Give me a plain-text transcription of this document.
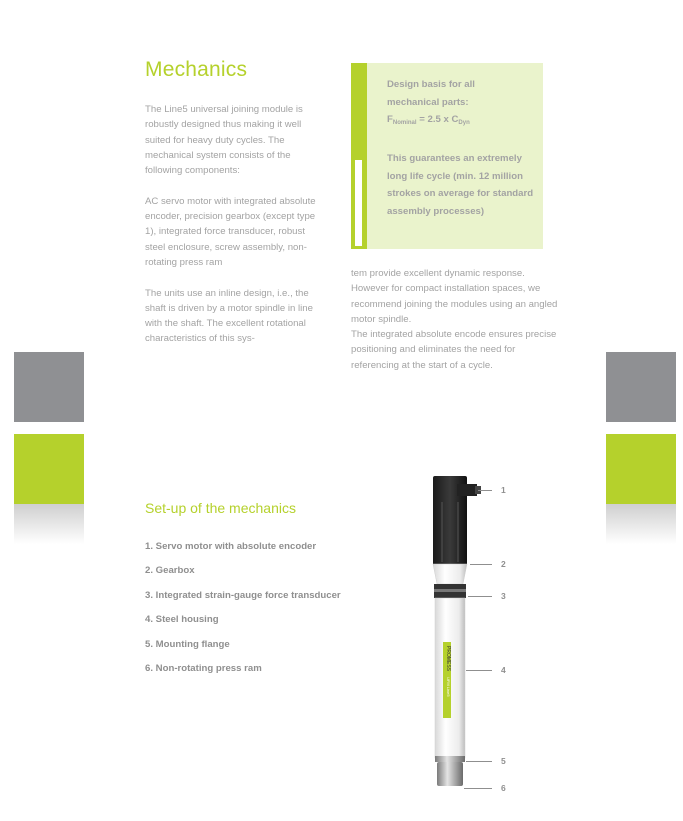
Mechanics

The Line5 universal joining module is robustly designed thus making it well suited for heavy duty cycles. The mechanical system consists of the following components:

AC servo motor with integrated absolute encoder, precision gearbox (except type 1), integrated force transducer, robust steel enclosure, screw assembly, non-rotating press ram

The units use an inline design, i.e., the shaft is driven by a motor spindle in line with the shaft. The excellent rotational characteristics of this sys-

Design basis for all

mechanical parts:

$F_{Nominal} = 2.5$ x $C_{Dyn}$

This guarantees an extremely long life cycle (min. 12 million strokes on average for standard assembly processes)

tem provide excellent dynamic response. However for compact installation spaces, we recommend joining the modules using an angled motor spindle.

The integrated absolute encode ensures precise positioning and eliminates the need for referencing at the start of a cycle.

Set-up of the mechanics
1. Servo motor with absolute encoder
2. Gearbox
3. Integrated strain-gauge force transducer
4. Steel housing
5. Mounting flange
6. Non-rotating press ram	PROMESS
UFM Line5
1
2
3
4
5
6
